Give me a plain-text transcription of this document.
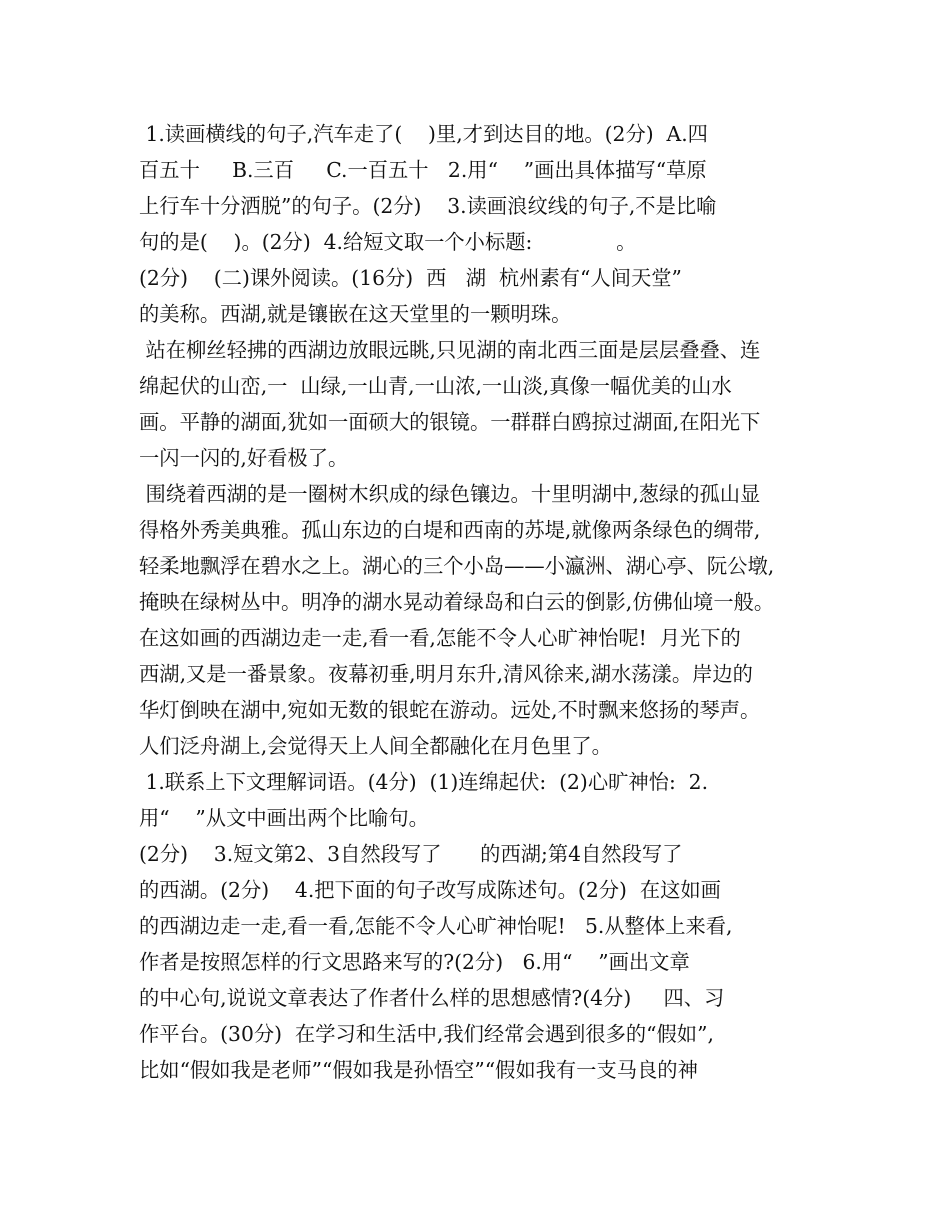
1.读画横线的句子,汽车走了(    )里,才到达目的地。(2分)  A.四
百五十     B.三百     C.一百五十   2.用“    ”画出具体描写“草原
上行车十分洒脱”的句子。(2分)    3.读画浪纹线的句子,不是比喻
句的是(    )。(2分)  4.给短文取一个小标题:             。
(2分)    (二)课外阅读。(16分)  西   湖  杭州素有“人间天堂”
的美称。西湖,就是镶嵌在这天堂里的一颗明珠。
站在柳丝轻拂的西湖边放眼远眺,只见湖的南北西三面是层层叠叠、连
绵起伏的山峦,一  山绿,一山青,一山浓,一山淡,真像一幅优美的山水
画。平静的湖面,犹如一面硕大的银镜。一群群白鸥掠过湖面,在阳光下
一闪一闪的,好看极了。
围绕着西湖的是一圈树木织成的绿色镶边。十里明湖中,葱绿的孤山显
得格外秀美典雅。孤山东边的白堤和西南的苏堤,就像两条绿色的绸带,
轻柔地飘浮在碧水之上。湖心的三个小岛——小瀛洲、湖心亭、阮公墩,
掩映在绿树丛中。明净的湖水晃动着绿岛和白云的倒影,仿佛仙境一般。
在这如画的西湖边走一走,看一看,怎能不令人心旷神怡呢!  月光下的
西湖,又是一番景象。夜幕初垂,明月东升,清风徐来,湖水荡漾。岸边的
华灯倒映在湖中,宛如无数的银蛇在游动。远处,不时飘来悠扬的琴声。
人们泛舟湖上,会觉得天上人间全都融化在月色里了。
1.联系上下文理解词语。(4分)  (1)连绵起伏:  (2)心旷神怡:  2.
用“    ”从文中画出两个比喻句。
(2分)    3.短文第2、3自然段写了      的西湖;第4自然段写了
的西湖。(2分)    4.把下面的句子改写成陈述句。(2分)  在这如画
的西湖边走一走,看一看,怎能不令人心旷神怡呢!   5.从整体上来看,
作者是按照怎样的行文思路来写的?(2分)   6.用“    ”画出文章
的中心句,说说文章表达了作者什么样的思想感情?(4分)     四、习
作平台。(30分)  在学习和生活中,我们经常会遇到很多的“假如”,
比如“假如我是老师”“假如我是孙悟空”“假如我有一支马良的神
